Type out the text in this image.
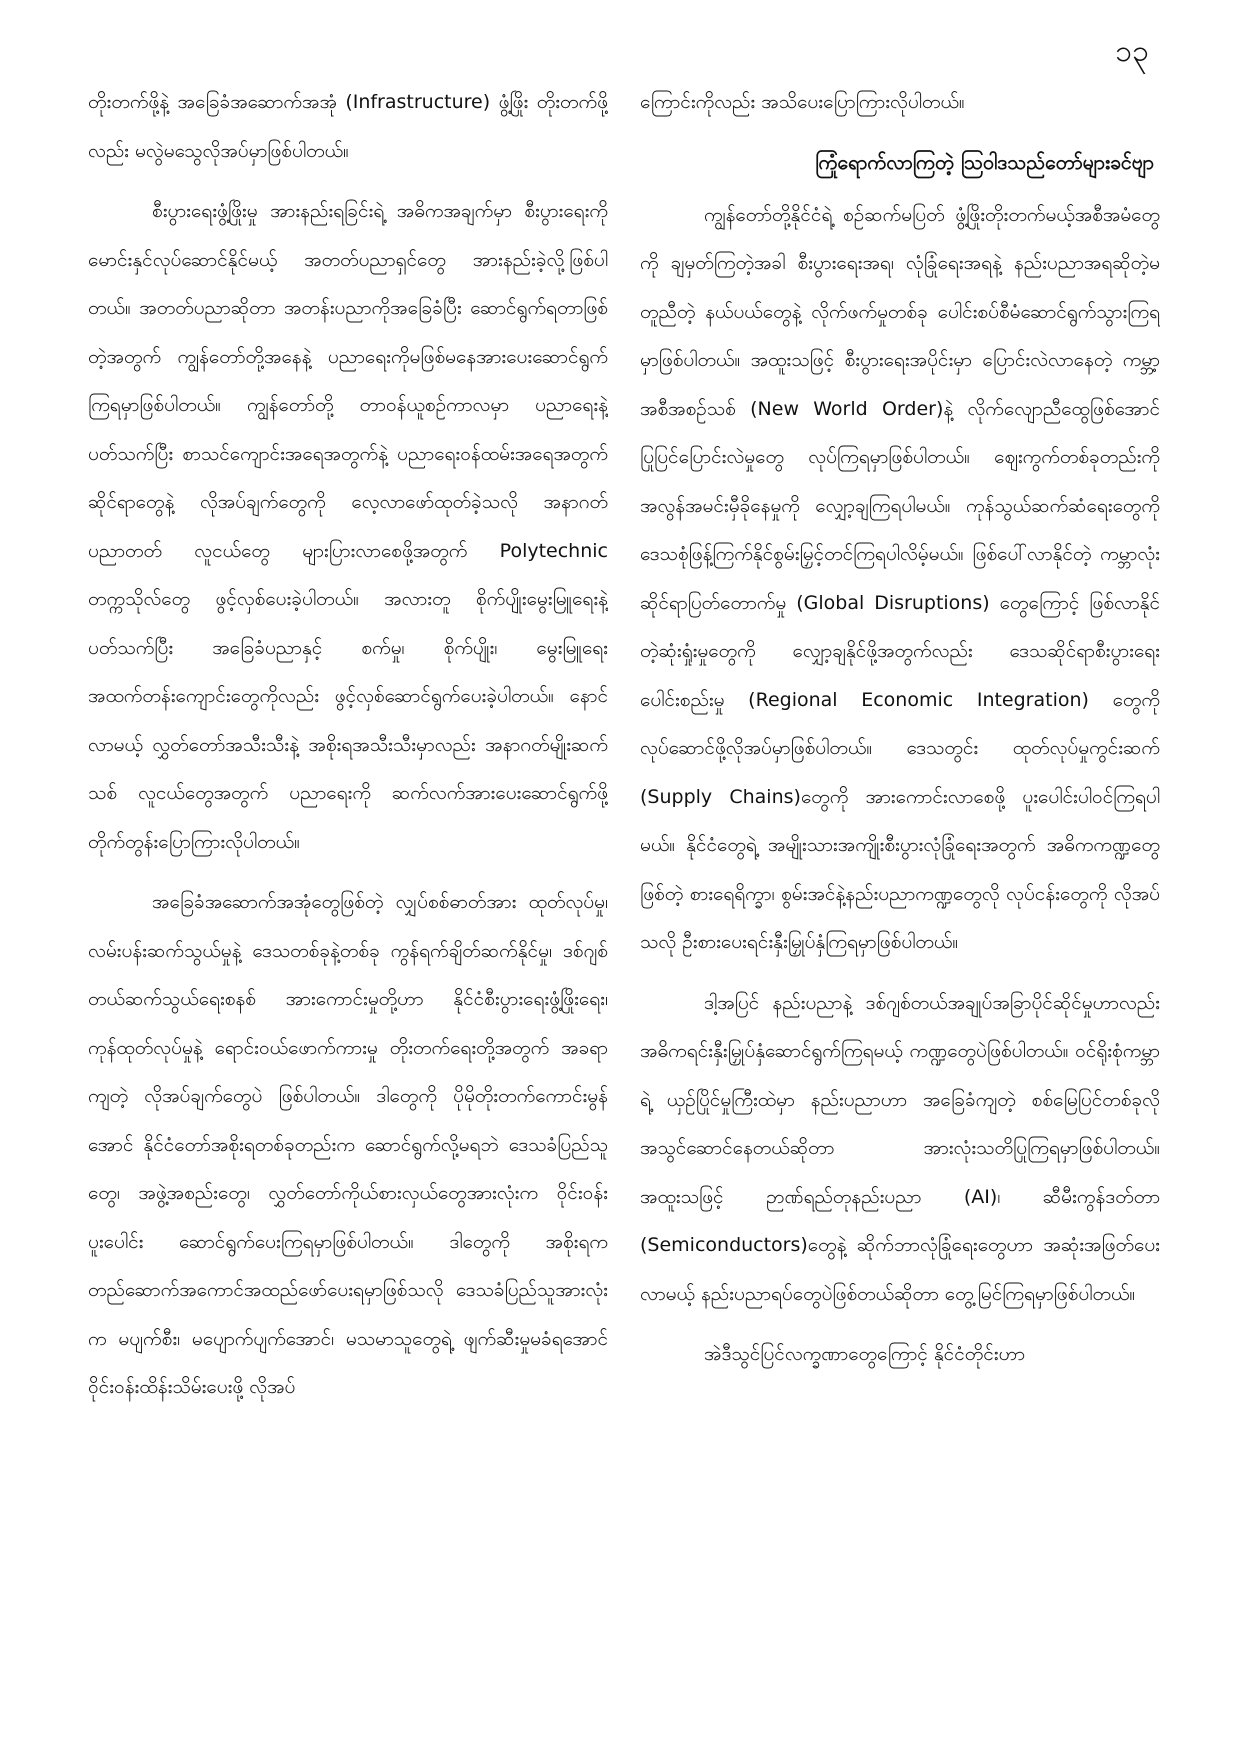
၁၃

တိုးတက်ဖို့နဲ့ အခြေခံအဆောက်အအုံ (Infrastructure) ဖွံ့ဖြိုး တိုးတက်ဖို့လည်း မလွဲမသွေလိုအပ်မှာဖြစ်ပါတယ်။

စီးပွားရေးဖွံ့ဖြိုးမှု အားနည်းရခြင်းရဲ့ အဓိကအချက်မှာ စီးပွားရေးကို မောင်းနှင်လုပ်ဆောင်နိုင်မယ့် အတတ်ပညာရှင်တွေ အားနည်းခဲ့လို့ဖြစ်ပါတယ်။ အတတ်ပညာဆိုတာ အတန်းပညာကိုအခြေခံပြီး ဆောင်ရွက်ရတာဖြစ်တဲ့အတွက် ကျွန်တော်တို့အနေနဲ့ ပညာရေးကိုမဖြစ်မနေအားပေးဆောင်ရွက်ကြရမှာဖြစ်ပါတယ်။ ကျွန်တော်တို့ တာဝန်ယူစဉ်ကာလမှာ ပညာရေးနဲ့ပတ်သက်ပြီး စာသင်ကျောင်းအရေအတွက်နဲ့ ပညာရေးဝန်ထမ်းအရေအတွက်ဆိုင်ရာတွေနဲ့ လိုအပ်ချက်တွေကို လေ့လာဖော်ထုတ်ခဲ့သလို အနာဂတ်ပညာတတ် လူငယ်တွေ များပြားလာစေဖို့အတွက် Polytechnic တက္ကသိုလ်တွေ ဖွင့်လှစ်ပေးခဲ့ပါတယ်။ အလားတူ စိုက်ပျိုးမွေးမြူရေးနဲ့ ပတ်သက်ပြီး အခြေခံပညာနှင့် စက်မှု၊ စိုက်ပျိုး၊ မွေးမြူရေး အထက်တန်းကျောင်းတွေကိုလည်း ဖွင့်လှစ်ဆောင်ရွက်ပေးခဲ့ပါတယ်။ နောင်လာမယ့် လွှတ်တော်အသီးသီးနဲ့ အစိုးရအသီးသီးမှာလည်း အနာဂတ်မျိုးဆက်သစ် လူငယ်တွေအတွက် ပညာရေးကို ဆက်လက်အားပေးဆောင်ရွက်ဖို့ တိုက်တွန်းပြောကြားလိုပါတယ်။

အခြေခံအဆောက်အအုံတွေဖြစ်တဲ့ လျှပ်စစ်ဓာတ်အား ထုတ်လုပ်မှု၊ လမ်းပန်းဆက်သွယ်မှုနဲ့ ဒေသတစ်ခုနဲ့တစ်ခု ကွန်ရက်ချိတ်ဆက်နိုင်မှု၊ ဒစ်ဂျစ်တယ်ဆက်သွယ်ရေးစနစ် အားကောင်းမှုတို့ဟာ နိုင်ငံစီးပွားရေးဖွံ့ဖြိုးရေး၊ ကုန်ထုတ်လုပ်မှုနဲ့ ရောင်းဝယ်ဖောက်ကားမှု တိုးတက်ရေးတို့အတွက် အခရာကျတဲ့ လိုအပ်ချက်တွေပဲ ဖြစ်ပါတယ်။ ဒါတွေကို ပိုမိုတိုးတက်ကောင်းမွန်အောင် နိုင်ငံတော်အစိုးရတစ်ခုတည်းက ဆောင်ရွက်လို့မရဘဲ ဒေသခံပြည်သူတွေ၊ အဖွဲ့အစည်းတွေ၊ လွှတ်တော်ကိုယ်စားလှယ်တွေအားလုံးက ဝိုင်းဝန်းပူးပေါင်း ဆောင်ရွက်ပေးကြရမှာဖြစ်ပါတယ်။ ဒါတွေကို အစိုးရက တည်ဆောက်အကောင်အထည်ဖော်ပေးရမှာဖြစ်သလို ဒေသခံပြည်သူအားလုံးက မပျက်စီး၊ မပျောက်ပျက်အောင်၊ မသမာသူတွေရဲ့ ဖျက်ဆီးမှုမခံရအောင် ဝိုင်းဝန်းထိန်းသိမ်းပေးဖို့ လိုအပ်

ကြောင်းကိုလည်း အသိပေးပြောကြားလိုပါတယ်။

ကြုံရောက်လာကြတဲ့ ဩဝါဒသည်တော်များခင်ဗျာ

ကျွန်တော်တို့နိုင်ငံရဲ့ စဉ်ဆက်မပြတ် ဖွံ့ဖြိုးတိုးတက်မယ့်အစီအမံတွေကို ချမှတ်ကြတဲ့အခါ စီးပွားရေးအရ၊ လုံခြုံရေးအရနဲ့ နည်းပညာအရဆိုတဲ့မတူညီတဲ့ နယ်ပယ်တွေနဲ့ လိုက်ဖက်မှုတစ်ခု ပေါင်းစပ်စီမံဆောင်ရွက်သွားကြရမှာဖြစ်ပါတယ်။ အထူးသဖြင့် စီးပွားရေးအပိုင်းမှာ ပြောင်းလဲလာနေတဲ့ ကမ္ဘာ့အစီအစဉ်သစ် (New World Order)နဲ့ လိုက်လျောညီထွေဖြစ်အောင် ပြုပြင်ပြောင်းလဲမှုတွေ လုပ်ကြရမှာဖြစ်ပါတယ်။ ဈေးကွက်တစ်ခုတည်းကို အလွန်အမင်းမှီခိုနေမှုကို လျှော့ချကြရပါမယ်။ ကုန်သွယ်ဆက်ဆံရေးတွေကို ဒေသစုံဖြန့်ကြက်နိုင်စွမ်းမြှင့်တင်ကြရပါလိမ့်မယ်။ ဖြစ်ပေါ်လာနိုင်တဲ့ ကမ္ဘာလုံးဆိုင်ရာပြတ်တောက်မှု (Global Disruptions) တွေကြောင့် ဖြစ်လာနိုင်တဲ့ဆုံးရှုံးမှုတွေကို လျှော့ချနိုင်ဖို့အတွက်လည်း ဒေသဆိုင်ရာစီးပွားရေးပေါင်းစည်းမှု (Regional Economic Integration) တွေကို လုပ်ဆောင်ဖို့လိုအပ်မှာဖြစ်ပါတယ်။ ဒေသတွင်း ထုတ်လုပ်မှုကွင်းဆက် (Supply Chains)တွေကို အားကောင်းလာစေဖို့ ပူးပေါင်းပါဝင်ကြရပါမယ်။ နိုင်ငံတွေရဲ့ အမျိုးသားအကျိုးစီးပွားလုံခြုံရေးအတွက် အဓိကကဏ္ဍတွေဖြစ်တဲ့ စားရေရိက္ခာ၊ စွမ်းအင်နဲ့နည်းပညာကဏ္ဍတွေလို လုပ်ငန်းတွေကို လိုအပ်သလို ဦးစားပေးရင်းနှီးမြှုပ်နှံကြရမှာဖြစ်ပါတယ်။

ဒါ့အပြင် နည်းပညာနဲ့ ဒစ်ဂျစ်တယ်အချုပ်အခြာပိုင်ဆိုင်မှုဟာလည်း အဓိကရင်းနှီးမြှုပ်နှံဆောင်ရွက်ကြရမယ့် ကဏ္ဍတွေပဲဖြစ်ပါတယ်။ ဝင်ရိုးစုံကမ္ဘာရဲ့ ယှဉ်ပြိုင်မှုကြီးထဲမှာ နည်းပညာဟာ အခြေခံကျတဲ့ စစ်မြေပြင်တစ်ခုလို အသွင်ဆောင်နေတယ်ဆိုတာ အားလုံးသတိပြုကြရမှာဖြစ်ပါတယ်။ အထူးသဖြင့် ဉာဏ်ရည်တုနည်းပညာ (AI)၊ ဆီမီးကွန်ဒတ်တာ (Semiconductors)တွေနဲ့ ဆိုက်ဘာလုံခြုံရေးတွေဟာ အဆုံးအဖြတ်ပေးလာမယ့် နည်းပညာရပ်တွေပဲဖြစ်တယ်ဆိုတာ တွေ့မြင်ကြရမှာဖြစ်ပါတယ်။

အဲဒီသွင်ပြင်လက္ခဏာတွေကြောင့် နိုင်ငံတိုင်းဟာ
